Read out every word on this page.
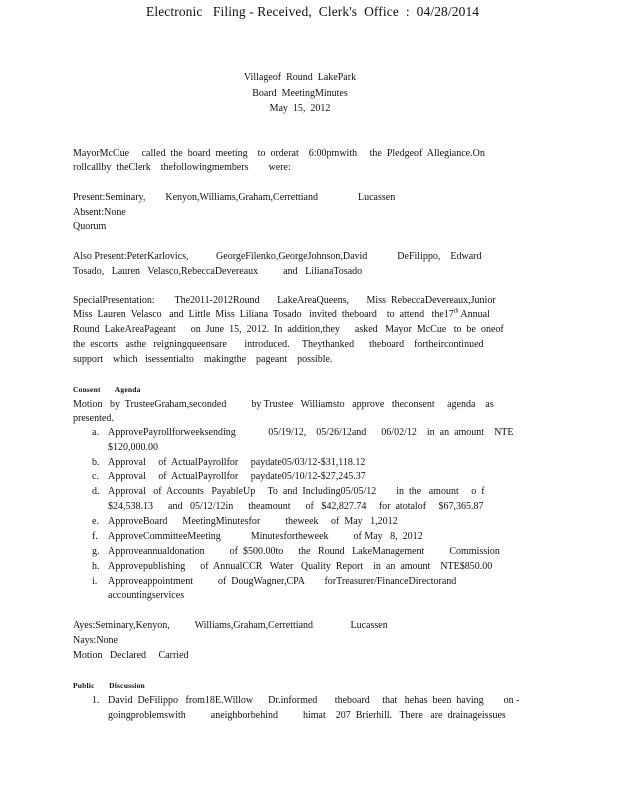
Electronic   Filing - Received,  Clerk's  Office  :  04/28/2014
Villageof  Round  LakePark
Board  MeetingMinutes
May  15,  2012
MayorMcCue     called  the  board  meeting    to  orderat    6:00pmwith     the  Pledgeof  Allegiance.On
rollcallby  theClerk    thefollowingmembers        were:
Present:Seminary,        Kenyon,Williams,Graham,Cerrettiand                Lucassen
Absent:None
Quorum
Also Present:PeterKarlovics,           GeorgeFilenko,GeorgeJohnson,David            DeFilippo,    Edward
Tosado,   Lauren   Velasco,RebeccaDevereaux          and   LilianaTosado
SpecialPresentation:        The2011-2012Round       LakeAreaQueens,       Miss  RebeccaDevereaux,Junior
Miss  Lauren  Velasco   and  Little  Miss  Liliana  Tosado   invited  theboard    to  attend   the17th Annual
Round  LakeAreaPageant      on  June  15,  2012.  In  addition,they      asked   Mayor  McCue   to  be  oneof
the  escorts   asthe   reigningqueensare       introduced.     Theythanked      theboard    fortheircontinued
support    which   isessentialto    makingthe    pageant    possible.
Consent       Agenda
Motion   by  TrusteeGraham,seconded          by Trustee   Williamsto   approve   theconsent     agenda    as
presented.
a. ApprovePayrollforweeksending             05/19/12,    05/26/12and      06/02/12    in  an  amount    NTE
$120,000.00
b. Approval     of  ActualPayrollfor     paydate05/03/12-$31,118.12
c. Approval     of  ActualPayrollfor     paydate05/10/12-$27,245.37
d. Approval   of  Accounts   PayableUp     To  and  Including05/05/12        in  the   amount     o  f
$24,538.13      and   05/12/12in      theamount      of   $42,827.74     for  atotalof     $67,365.87
e. ApproveBoard      MeetingMinutesfor          theweek     of  May   1,2012
f. ApproveCommitteeMeeting            Minutesfortheweek          of May   8,  2012
g. Approveannualdonation          of  $500.00to      the   Round   LakeManagement          Commission
h. Approvepublishing      of  AnnualCCR   Water   Quality  Report    in  an  amount    NTE$850.00
i. Approveappointment          of  DougWagner,CPA        forTreasurer/FinanceDirectorand
accountingservices
Ayes:Seminary,Kenyon,          Williams,Graham,Cerrettiand               Lucassen
Nays:None
Motion   Declared     Carried
Public       Discussion
1. David  DeFilippo   from18E.Willow      Dr.informed       theboard     that   hehas  been  having        on -
goingproblemswith          aneighborbehind          himat    207  Brierhill.   There   are  drainageissues
